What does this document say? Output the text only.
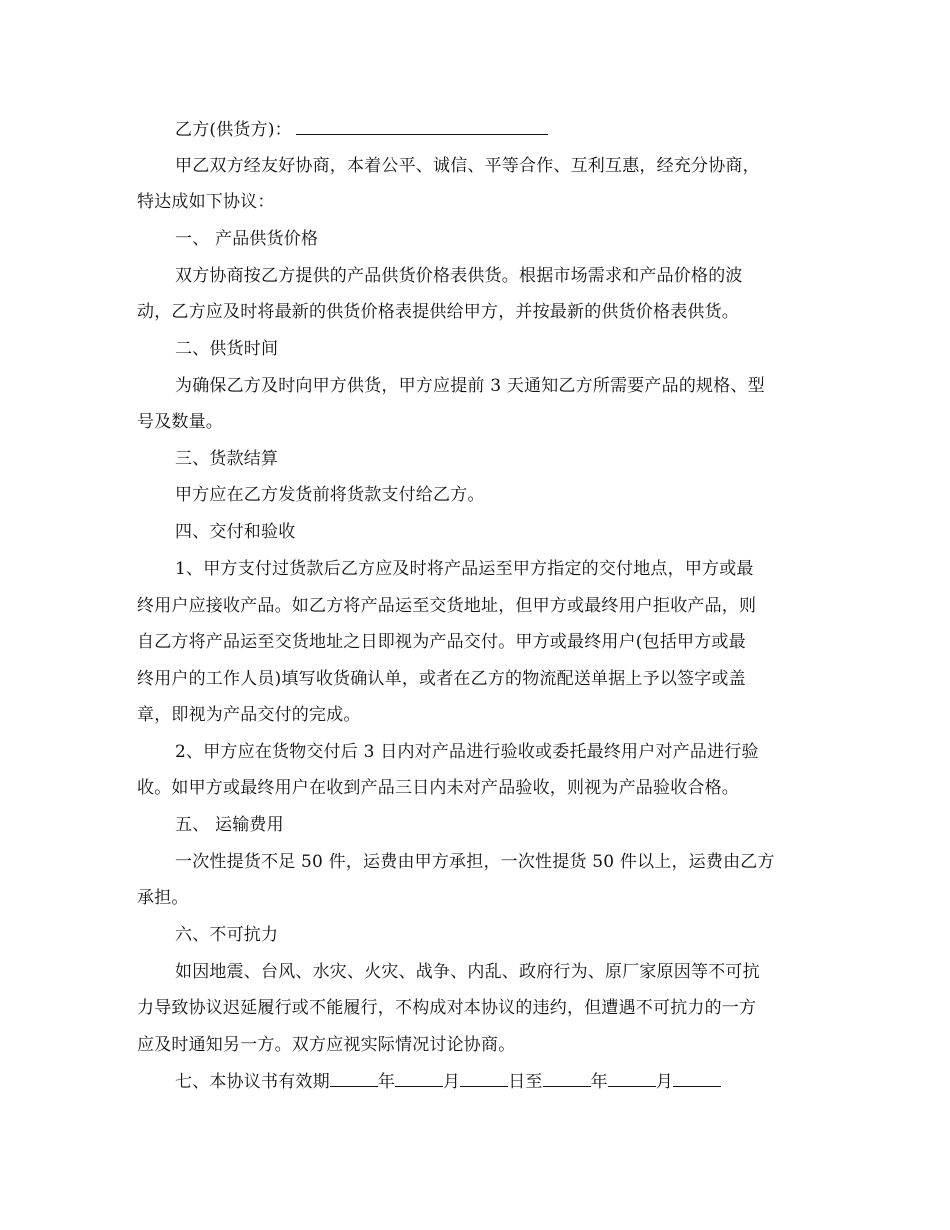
乙方(供货方)：
甲乙双方经友好协商，本着公平、诚信、平等合作、互利互惠，经充分协商，
特达成如下协议：
一、 产品供货价格
双方协商按乙方提供的产品供货价格表供货。根据市场需求和产品价格的波
动，乙方应及时将最新的供货价格表提供给甲方，并按最新的供货价格表供货。
二、供货时间
为确保乙方及时向甲方供货，甲方应提前 3 天通知乙方所需要产品的规格、型
号及数量。
三、货款结算
甲方应在乙方发货前将货款支付给乙方。
四、交付和验收
1、甲方支付过货款后乙方应及时将产品运至甲方指定的交付地点，甲方或最
终用户应接收产品。如乙方将产品运至交货地址，但甲方或最终用户拒收产品，则
自乙方将产品运至交货地址之日即视为产品交付。甲方或最终用户(包括甲方或最
终用户的工作人员)填写收货确认单，或者在乙方的物流配送单据上予以签字或盖
章，即视为产品交付的完成。
2、甲方应在货物交付后 3 日内对产品进行验收或委托最终用户对产品进行验
收。如甲方或最终用户在收到产品三日内未对产品验收，则视为产品验收合格。
五、 运输费用
一次性提货不足 50 件，运费由甲方承担，一次性提货 50 件以上，运费由乙方
承担。
六、不可抗力
如因地震、台风、水灾、火灾、战争、内乱、政府行为、原厂家原因等不可抗
力导致协议迟延履行或不能履行，不构成对本协议的违约，但遭遇不可抗力的一方
应及时通知另一方。双方应视实际情况讨论协商。
七、本协议书有效期	年	月	日至	年	月
